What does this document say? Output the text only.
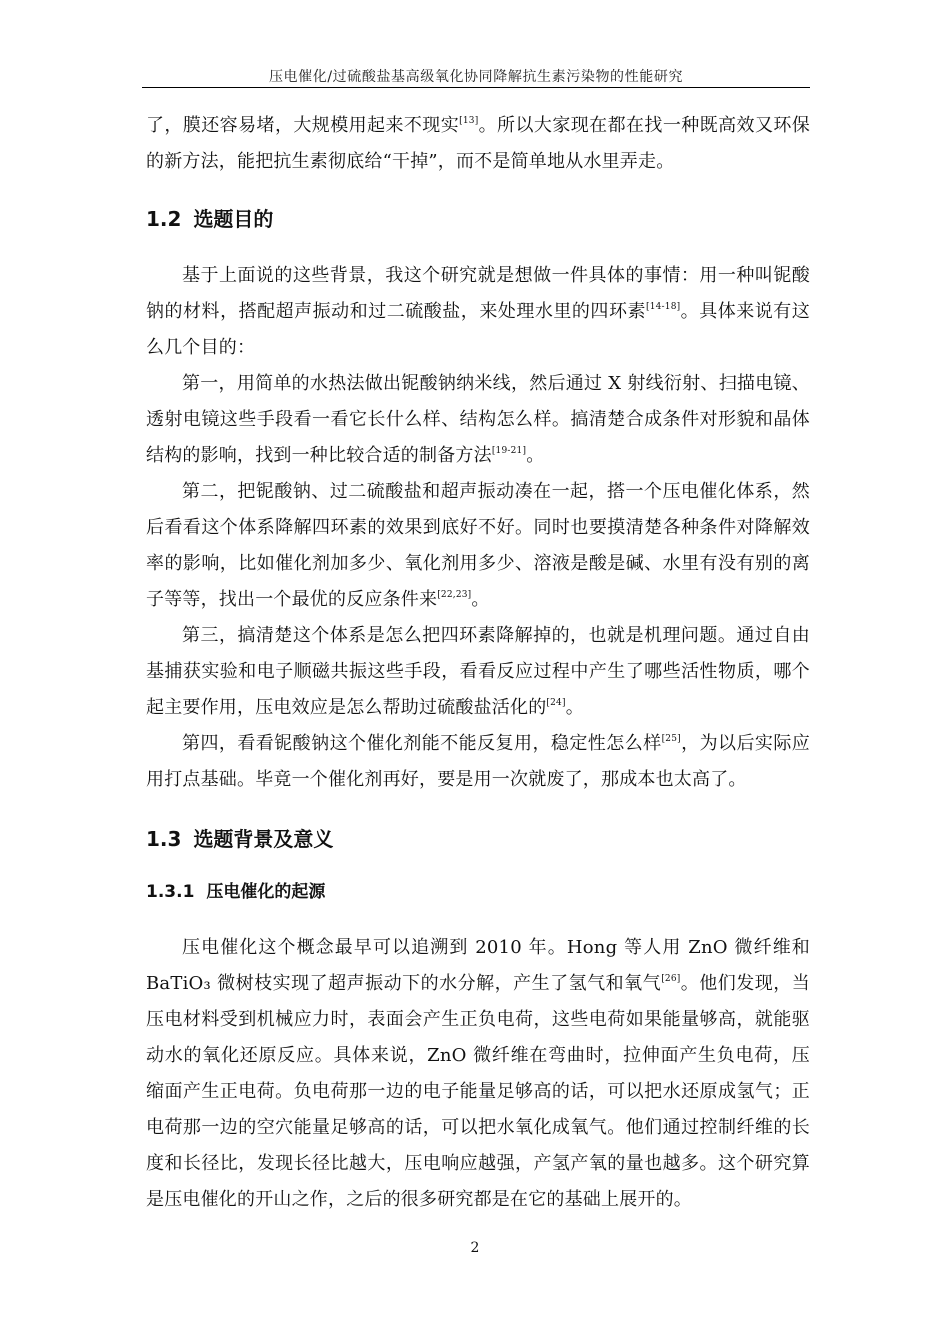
压电催化/过硫酸盐基高级氧化协同降解抗生素污染物的性能研究

了，膜还容易堵，大规模用起来不现实[13]。所以大家现在都在找一种既高效又环保的新方法，能把抗生素彻底给“干掉”，而不是简单地从水里弄走。

1.2 选题目的

基于上面说的这些背景，我这个研究就是想做一件具体的事情：用一种叫铌酸钠的材料，搭配超声振动和过二硫酸盐，来处理水里的四环素[14-18]。具体来说有这么几个目的：

第一，用简单的水热法做出铌酸钠纳米线，然后通过 X 射线衍射、扫描电镜、透射电镜这些手段看一看它长什么样、结构怎么样。搞清楚合成条件对形貌和晶体结构的影响，找到一种比较合适的制备方法[19-21]。

第二，把铌酸钠、过二硫酸盐和超声振动凑在一起，搭一个压电催化体系，然后看看这个体系降解四环素的效果到底好不好。同时也要摸清楚各种条件对降解效率的影响，比如催化剂加多少、氧化剂用多少、溶液是酸是碱、水里有没有别的离子等等，找出一个最优的反应条件来[22,23]。

第三，搞清楚这个体系是怎么把四环素降解掉的，也就是机理问题。通过自由基捕获实验和电子顺磁共振这些手段，看看反应过程中产生了哪些活性物质，哪个起主要作用，压电效应是怎么帮助过硫酸盐活化的[24]。

第四，看看铌酸钠这个催化剂能不能反复用，稳定性怎么样[25]，为以后实际应用打点基础。毕竟一个催化剂再好，要是用一次就废了，那成本也太高了。

1.3 选题背景及意义
1.3.1 压电催化的起源

压电催化这个概念最早可以追溯到 2010 年。Hong 等人用 ZnO 微纤维和 BaTiO₃ 微树枝实现了超声振动下的水分解，产生了氢气和氧气[26]。他们发现，当压电材料受到机械应力时，表面会产生正负电荷，这些电荷如果能量够高，就能驱动水的氧化还原反应。具体来说，ZnO 微纤维在弯曲时，拉伸面产生负电荷，压缩面产生正电荷。负电荷那一边的电子能量足够高的话，可以把水还原成氢气；正电荷那一边的空穴能量足够高的话，可以把水氧化成氧气。他们通过控制纤维的长度和长径比，发现长径比越大，压电响应越强，产氢产氧的量也越多。这个研究算是压电催化的开山之作，之后的很多研究都是在它的基础上展开的。

2
